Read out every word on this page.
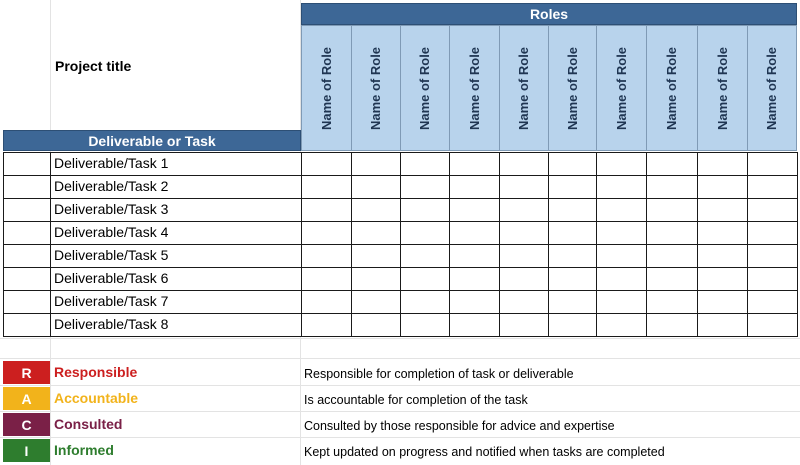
Roles
Project title
Deliverable or Task
Name of Role	Name of Role	Name of Role	Name of Role	Name of Role	Name of Role	Name of Role	Name of Role	Name of Role	Name of Role
Deliverable/Task 1
Deliverable/Task 2
Deliverable/Task 3
Deliverable/Task 4
Deliverable/Task 5
Deliverable/Task 6
Deliverable/Task 7
Deliverable/Task 8
R	Responsible	Responsible for completion of task or deliverable
A	Accountable	Is accountable for completion of the task
C	Consulted	Consulted by those responsible for advice and expertise
I	Informed	Kept updated on progress and notified when tasks are completed
